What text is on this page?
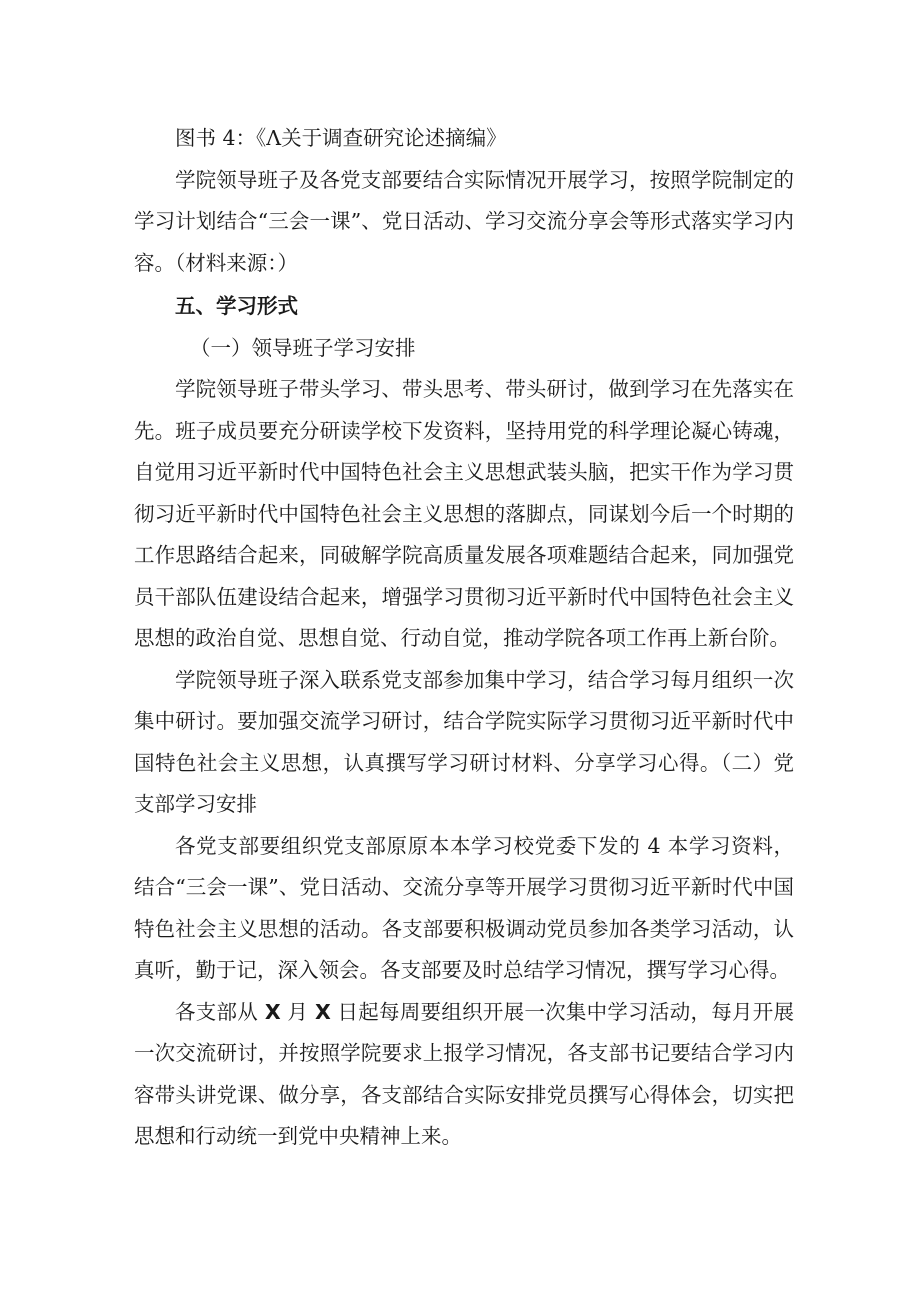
图书 4：《Λ关于调查研究论述摘编》

学院领导班子及各党支部要结合实际情况开展学习，按照学院制定的学习计划结合“三会一课”、党日活动、学习交流分享会等形式落实学习内容。（材料来源：）

五、学习形式
（一）领导班子学习安排

学院领导班子带头学习、带头思考、带头研讨，做到学习在先落实在先。班子成员要充分研读学校下发资料，坚持用党的科学理论凝心铸魂，自觉用习近平新时代中国特色社会主义思想武装头脑，把实干作为学习贯彻习近平新时代中国特色社会主义思想的落脚点，同谋划今后一个时期的工作思路结合起来，同破解学院高质量发展各项难题结合起来，同加强党员干部队伍建设结合起来，增强学习贯彻习近平新时代中国特色社会主义思想的政治自觉、思想自觉、行动自觉，推动学院各项工作再上新台阶。

学院领导班子深入联系党支部参加集中学习，结合学习每月组织一次集中研讨。要加强交流学习研讨，结合学院实际学习贯彻习近平新时代中国特色社会主义思想，认真撰写学习研讨材料、分享学习心得。（二）党支部学习安排

各党支部要组织党支部原原本本学习校党委下发的 4 本学习资料，结合“三会一课”、党日活动、交流分享等开展学习贯彻习近平新时代中国特色社会主义思想的活动。各支部要积极调动党员参加各类学习活动，认真听，勤于记，深入领会。各支部要及时总结学习情况，撰写学习心得。

各支部从 X 月 X 日起每周要组织开展一次集中学习活动，每月开展一次交流研讨，并按照学院要求上报学习情况，各支部书记要结合学习内容带头讲党课、做分享，各支部结合实际安排党员撰写心得体会，切实把思想和行动统一到党中央精神上来。
